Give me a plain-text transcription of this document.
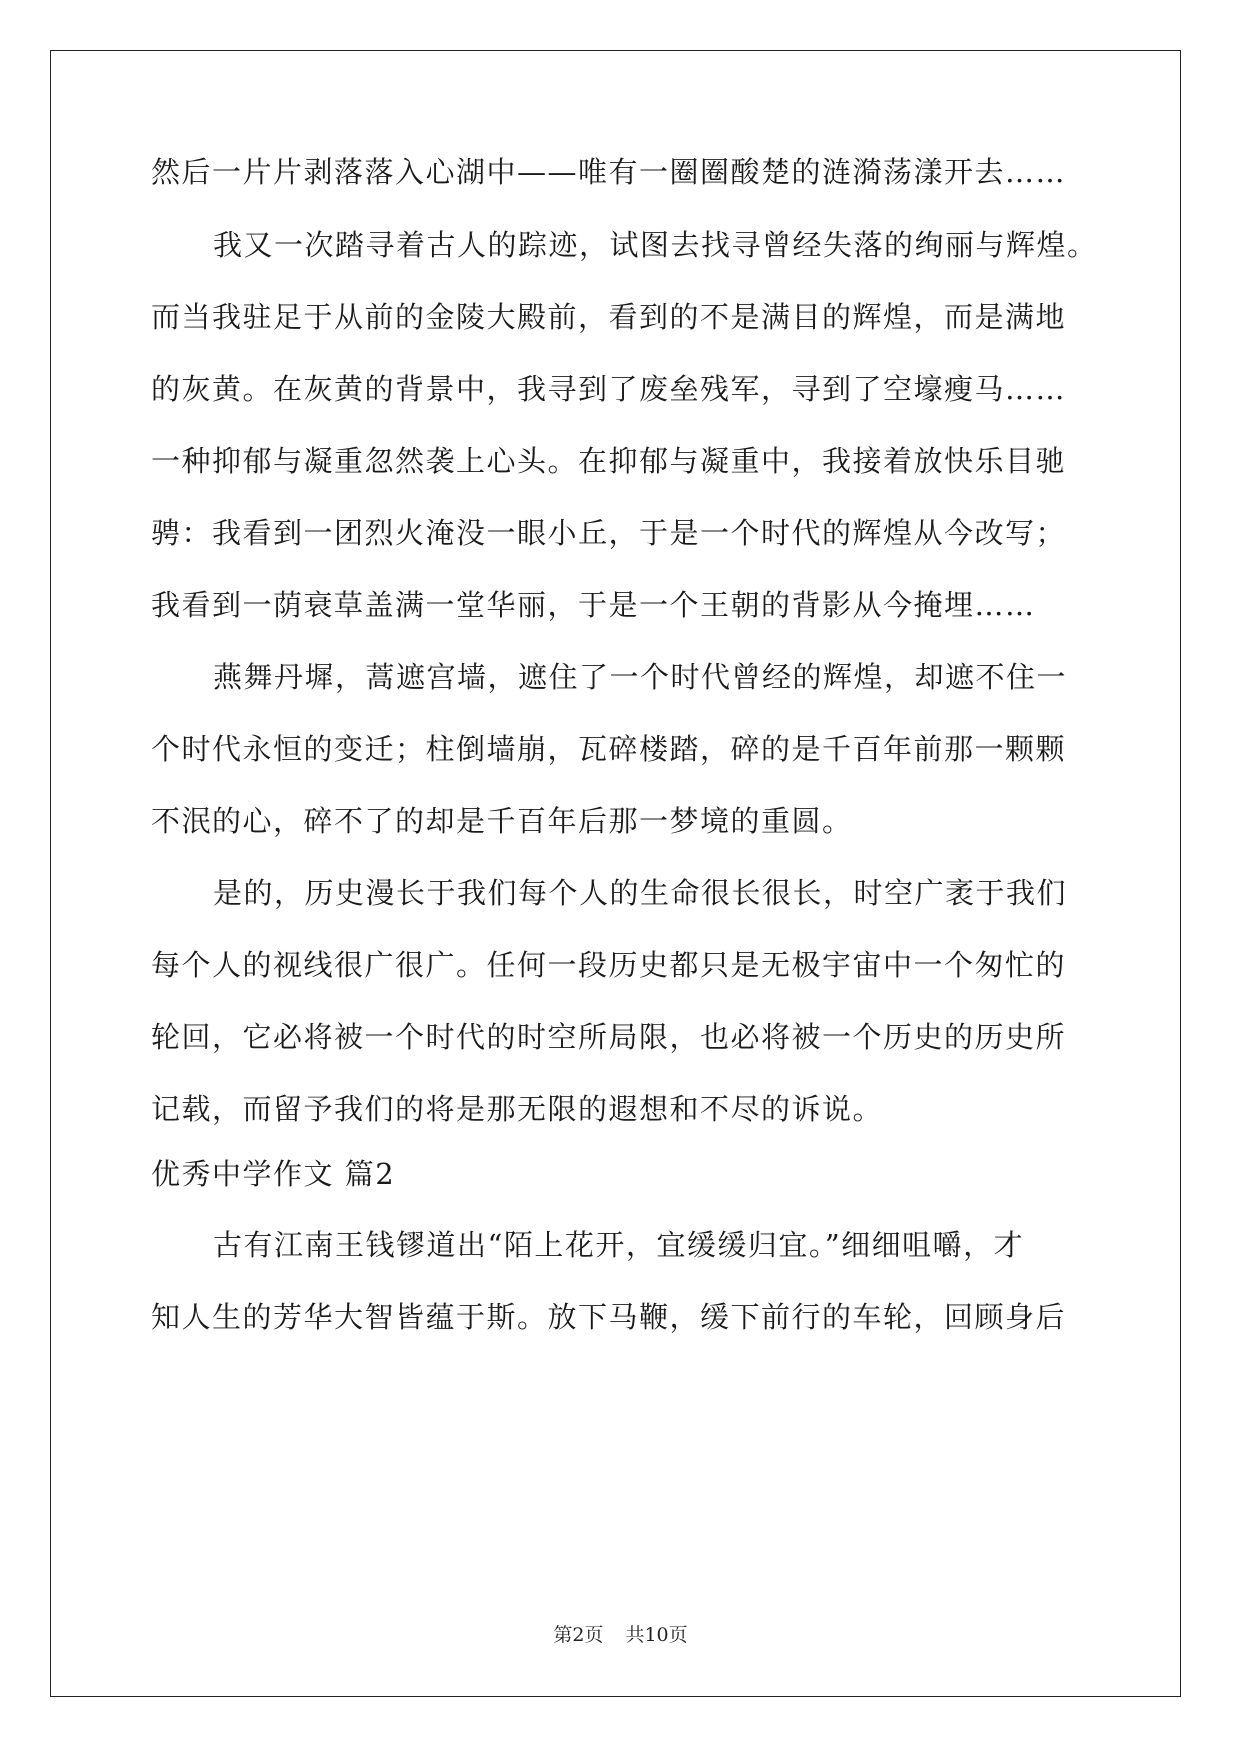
然后一片片剥落落入心湖中——唯有一圈圈酸楚的涟漪荡漾开去……
我又一次踏寻着古人的踪迹，试图去找寻曾经失落的绚丽与辉煌。
而当我驻足于从前的金陵大殿前，看到的不是满目的辉煌，而是满地
的灰黄。在灰黄的背景中，我寻到了废垒残军，寻到了空壕瘦马……
一种抑郁与凝重忽然袭上心头。在抑郁与凝重中，我接着放快乐目驰
骋：我看到一团烈火淹没一眼小丘，于是一个时代的辉煌从今改写；
我看到一荫衰草盖满一堂华丽，于是一个王朝的背影从今掩埋……
燕舞丹墀，蒿遮宫墙，遮住了一个时代曾经的辉煌，却遮不住一
个时代永恒的变迁；柱倒墙崩，瓦碎楼踏，碎的是千百年前那一颗颗
不泯的心，碎不了的却是千百年后那一梦境的重圆。
是的，历史漫长于我们每个人的生命很长很长，时空广袤于我们
每个人的视线很广很广。任何一段历史都只是无极宇宙中一个匆忙的
轮回，它必将被一个时代的时空所局限，也必将被一个历史的历史所
记载，而留予我们的将是那无限的遐想和不尽的诉说。
优秀中学作文 篇2
古有江南王钱镠道出“陌上花开，宜缓缓归宜。”细细咀嚼，才
知人生的芳华大智皆蕴于斯。放下马鞭，缓下前行的车轮，回顾身后
第2页 共10页
